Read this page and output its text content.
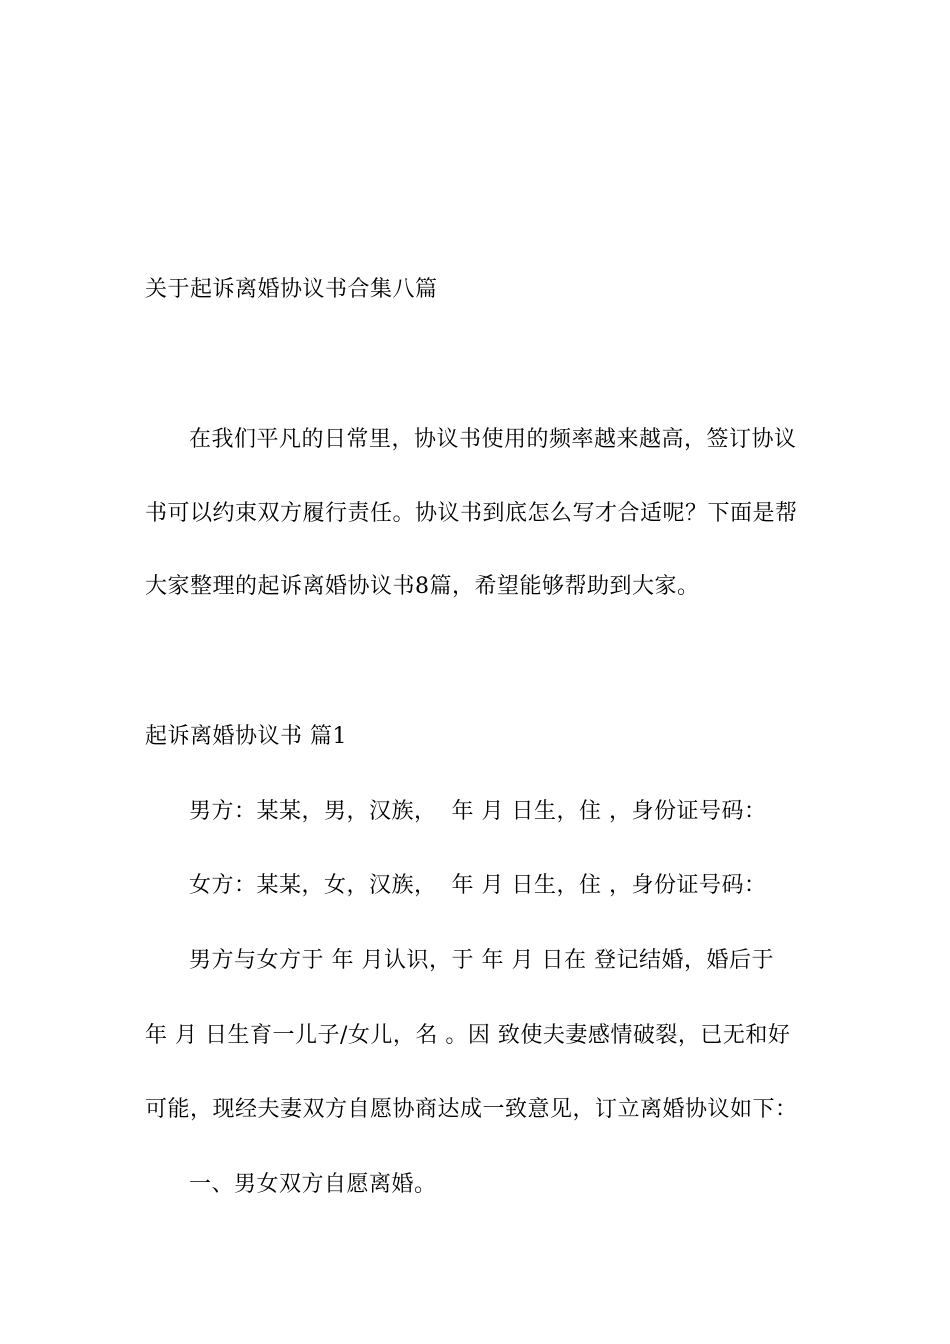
关于起诉离婚协议书合集八篇
在我们平凡的日常里，协议书使用的频率越来越高，签订协议
书可以约束双方履行责任。协议书到底怎么写才合适呢？下面是帮
大家整理的起诉离婚协议书8篇，希望能够帮助到大家。
起诉离婚协议书 篇1
男方：某某，男，汉族，  年 月 日生，住 ，身份证号码：
女方：某某，女，汉族，  年 月 日生，住 ，身份证号码：
男方与女方于 年 月认识，于 年 月 日在 登记结婚，婚后于
年 月 日生育一儿子/女儿，名 。因 致使夫妻感情破裂，已无和好
可能，现经夫妻双方自愿协商达成一致意见，订立离婚协议如下：
一、男女双方自愿离婚。
